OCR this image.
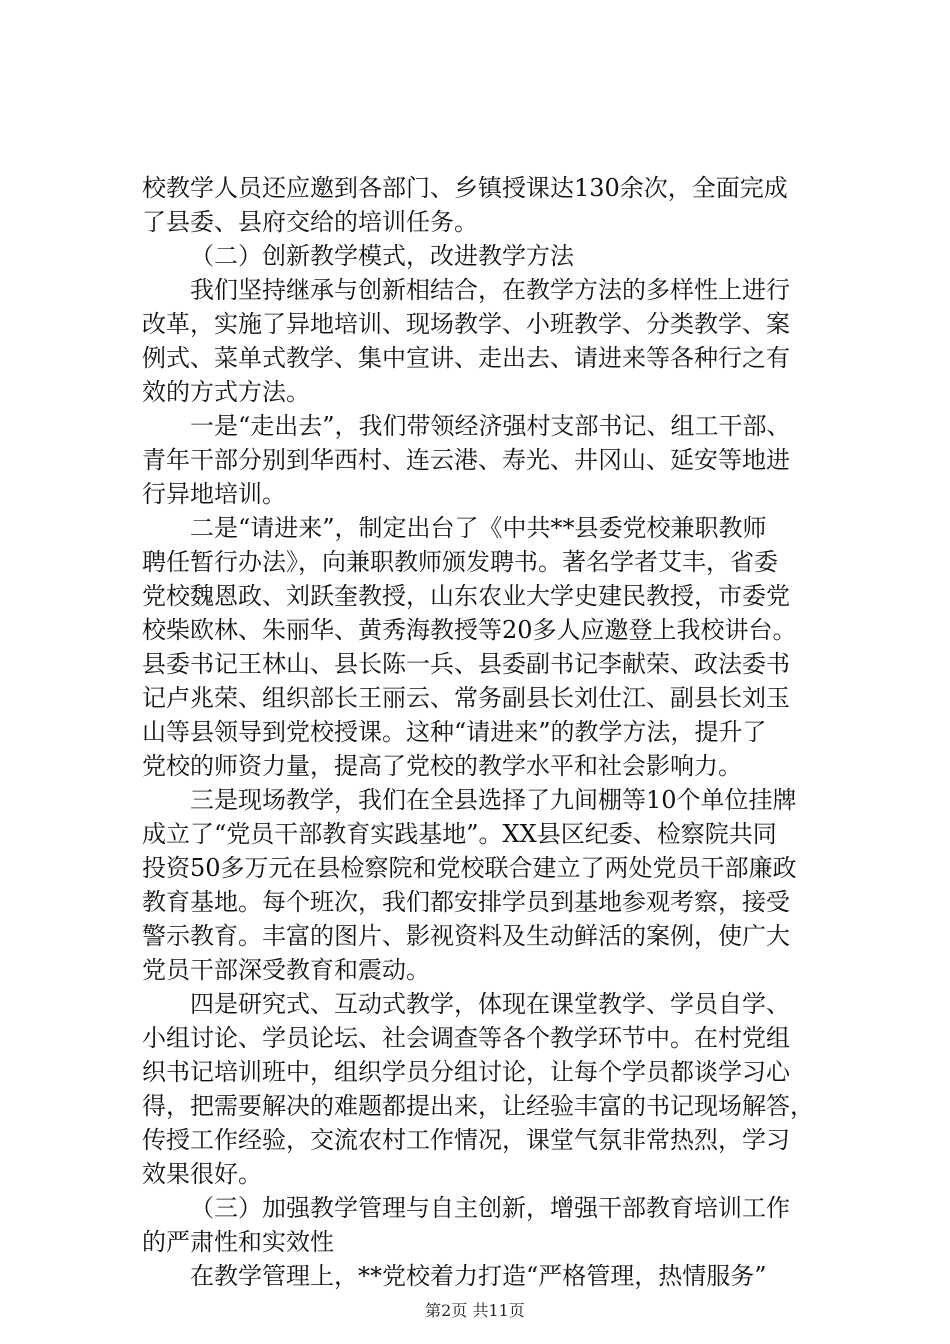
校教学人员还应邀到各部门、乡镇授课达130余次，全面完成
了县委、县府交给的培训任务。
（二）创新教学模式，改进教学方法
我们坚持继承与创新相结合，在教学方法的多样性上进行
改革，实施了异地培训、现场教学、小班教学、分类教学、案
例式、菜单式教学、集中宣讲、走出去、请进来等各种行之有
效的方式方法。
一是“走出去”，我们带领经济强村支部书记、组工干部、
青年干部分别到华西村、连云港、寿光、井冈山、延安等地进
行异地培训。
二是“请进来”，制定出台了《中共**县委党校兼职教师
聘任暂行办法》，向兼职教师颁发聘书。著名学者艾丰，省委
党校魏恩政、刘跃奎教授，山东农业大学史建民教授，市委党
校柴欧林、朱丽华、黄秀海教授等20多人应邀登上我校讲台。
县委书记王林山、县长陈一兵、县委副书记李献荣、政法委书
记卢兆荣、组织部长王丽云、常务副县长刘仕江、副县长刘玉
山等县领导到党校授课。这种“请进来”的教学方法，提升了
党校的师资力量，提高了党校的教学水平和社会影响力。
三是现场教学，我们在全县选择了九间棚等10个单位挂牌
成立了“党员干部教育实践基地”。XX县区纪委、检察院共同
投资50多万元在县检察院和党校联合建立了两处党员干部廉政
教育基地。每个班次，我们都安排学员到基地参观考察，接受
警示教育。丰富的图片、影视资料及生动鲜活的案例，使广大
党员干部深受教育和震动。
四是研究式、互动式教学，体现在课堂教学、学员自学、
小组讨论、学员论坛、社会调查等各个教学环节中。在村党组
织书记培训班中，组织学员分组讨论，让每个学员都谈学习心
得，把需要解决的难题都提出来，让经验丰富的书记现场解答，
传授工作经验，交流农村工作情况，课堂气氛非常热烈，学习
效果很好。
（三）加强教学管理与自主创新，增强干部教育培训工作
的严肃性和实效性
在教学管理上，**党校着力打造“严格管理，热情服务”
第2页 共11页
